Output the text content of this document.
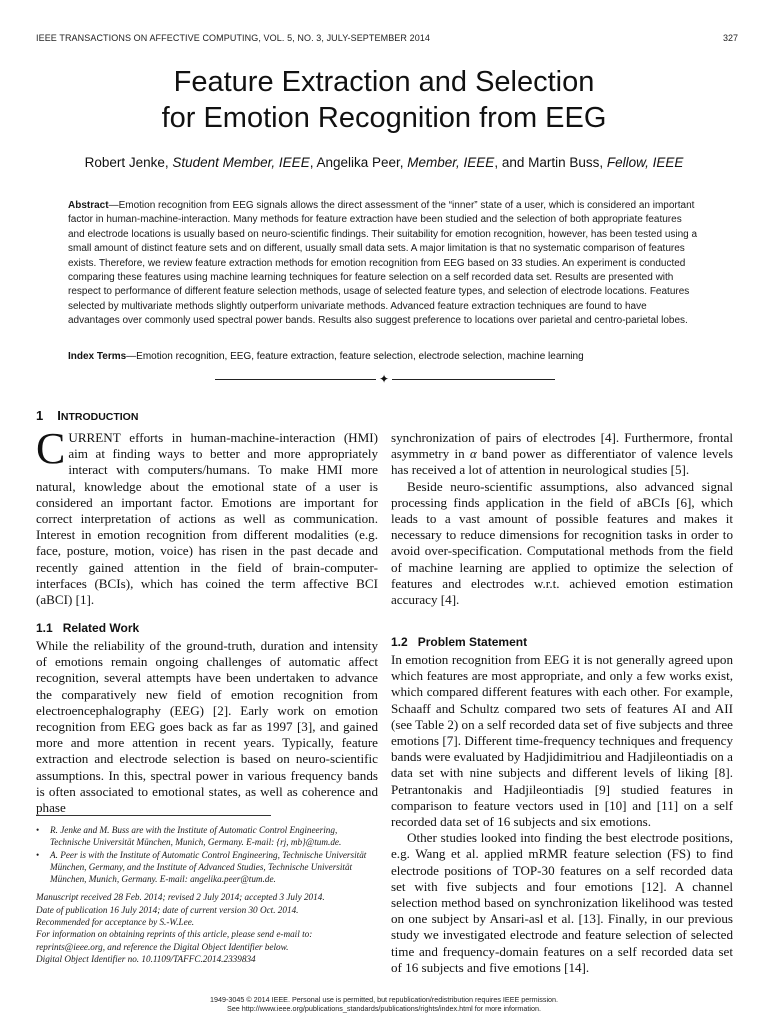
IEEE TRANSACTIONS ON AFFECTIVE COMPUTING, VOL. 5, NO. 3, JULY-SEPTEMBER 2014	327
Feature Extraction and Selection
for Emotion Recognition from EEG
Robert Jenke, Student Member, IEEE, Angelika Peer, Member, IEEE, and Martin Buss, Fellow, IEEE
Abstract—Emotion recognition from EEG signals allows the direct assessment of the “inner” state of a user, which is considered an important factor in human-machine-interaction. Many methods for feature extraction have been studied and the selection of both appropriate features and electrode locations is usually based on neuro-scientific findings. Their suitability for emotion recognition, however, has been tested using a small amount of distinct feature sets and on different, usually small data sets. A major limitation is that no systematic comparison of features exists. Therefore, we review feature extraction methods for emotion recognition from EEG based on 33 studies. An experiment is conducted comparing these features using machine learning techniques for feature selection on a self recorded data set. Results are presented with respect to performance of different feature selection methods, usage of selected feature types, and selection of electrode locations. Features selected by multivariate methods slightly outperform univariate methods. Advanced feature extraction techniques are found to have advantages over commonly used spectral power bands. Results also suggest preference to locations over parietal and centro-parietal lobes.
Index Terms—Emotion recognition, EEG, feature extraction, feature selection, electrode selection, machine learning
✦
1 INTRODUCTION

CURRENT efforts in human-machine-interaction (HMI) aim at finding ways to better and more appropriately interact with computers/humans. To make HMI more natural, knowledge about the emotional state of a user is considered an important factor. Emotions are important for correct interpretation of actions as well as communication. Interest in emotion recognition from different modalities (e.g. face, posture, motion, voice) has risen in the past decade and recently gained attention in the field of brain-computer-interfaces (BCIs), which has coined the term affective BCI (aBCI) [1].

synchronization of pairs of electrodes [4]. Furthermore, frontal asymmetry in α band power as differentiator of valence levels has received a lot of attention in neurological studies [5].

Beside neuro-scientific assumptions, also advanced signal processing finds application in the field of aBCIs [6], which leads to a vast amount of possible features and makes it necessary to reduce dimensions for recognition tasks in order to avoid over-specification. Computational methods from the field of machine learning are applied to optimize the selection of features and electrodes w.r.t. achieved emotion estimation accuracy [4].

1.1 Related Work

While the reliability of the ground-truth, duration and intensity of emotions remain ongoing challenges of automatic affect recognition, several attempts have been undertaken to advance the comparatively new field of emotion recognition from electroencephalography (EEG) [2]. Early work on emotion recognition from EEG goes back as far as 1997 [3], and gained more and more attention in recent years. Typically, feature extraction and electrode selection is based on neuro-scientific assumptions. In this, spectral power in various frequency bands is often associated to emotional states, as well as coherence and phase

1.2 Problem Statement

In emotion recognition from EEG it is not generally agreed upon which features are most appropriate, and only a few works exist, which compared different features with each other. For example, Schaaff and Schultz compared two sets of features AI and AII (see Table 2) on a self recorded data set of five subjects and three emotions [7]. Different time-frequency techniques and frequency bands were evaluated by Hadjidimitriou and Hadjileontiadis on a data set with nine subjects and different levels of liking [8]. Petrantonakis and Hadjileontiadis [9] studied features in comparison to feature vectors used in [10] and [11] on a self recorded data set of 16 subjects and six emotions.

Other studies looked into finding the best electrode positions, e.g. Wang et al. applied mRMR feature selection (FS) to find electrode positions of TOP-30 features on a self recorded data set with five subjects and four emotions [12]. A channel selection method based on synchronization likelihood was tested on one subject by Ansari-asl et al. [13]. Finally, in our previous study we investigated electrode and feature selection of selected time and frequency-domain features on a self recorded data set of 16 subjects and five emotions [14].

• R. Jenke and M. Buss are with the Institute of Automatic Control Engineering, Technische Universität München, Munich, Germany. E-mail: {rj, mb}@tum.de.
• A. Peer is with the Institute of Automatic Control Engineering, Technische Universität München, Germany, and the Institute of Advanced Studies, Technische Universität München, Munich, Germany. E-mail: angelika.peer@tum.de.
Manuscript received 28 Feb. 2014; revised 2 July 2014; accepted 3 July 2014.
Date of publication 16 July 2014; date of current version 30 Oct. 2014.
Recommended for acceptance by S.-W.Lee.
For information on obtaining reprints of this article, please send e-mail to:
reprints@ieee.org, and reference the Digital Object Identifier below.
Digital Object Identifier no. 10.1109/TAFFC.2014.2339834
1949-3045 © 2014 IEEE. Personal use is permitted, but republication/redistribution requires IEEE permission.
See http://www.ieee.org/publications_standards/publications/rights/index.html for more information.
